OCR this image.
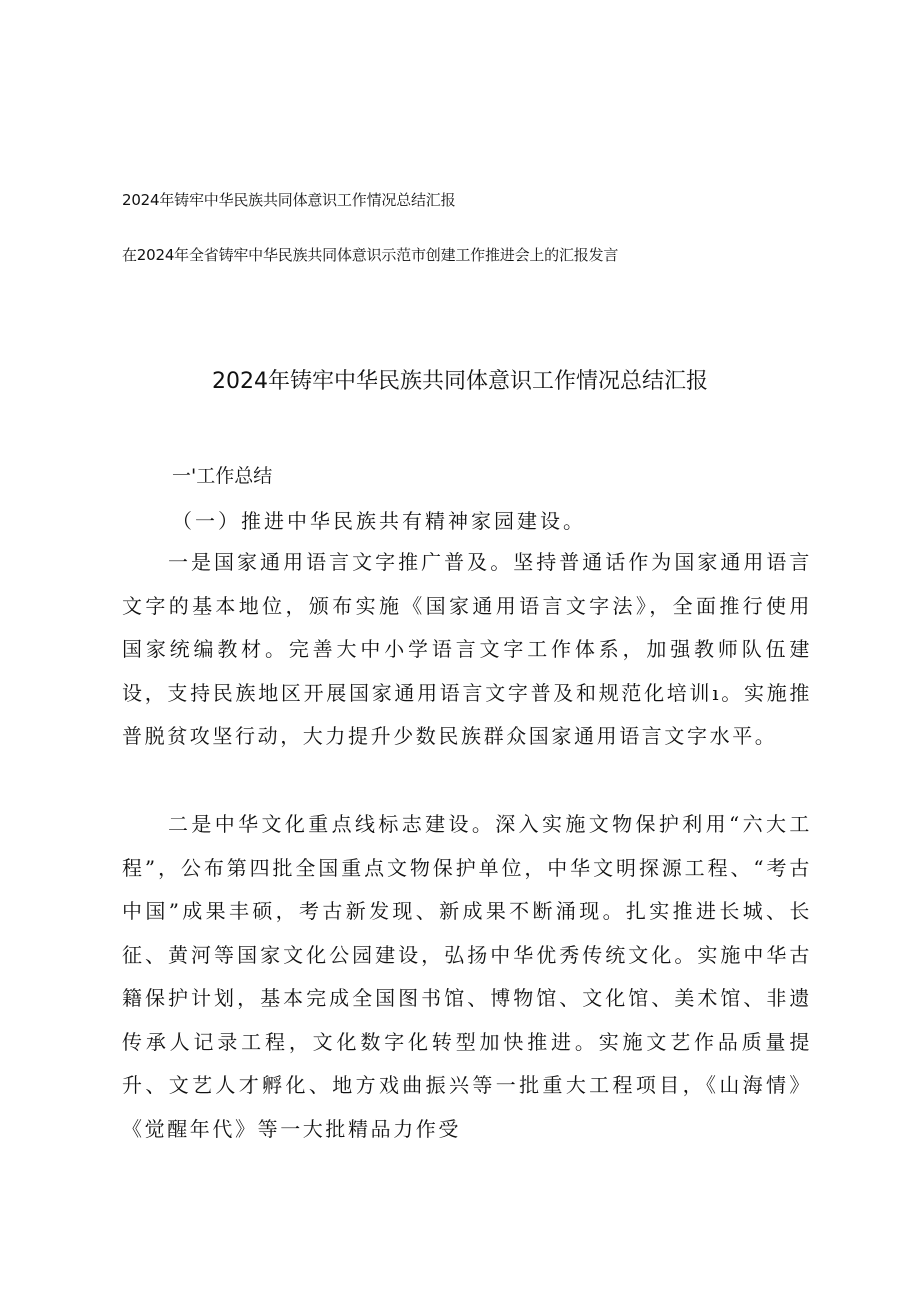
2024年铸牢中华民族共同体意识工作情况总结汇报
在2024年全省铸牢中华民族共同体意识示范市创建工作推进会上的汇报发言
2024年铸牢中华民族共同体意识工作情况总结汇报
一'工作总结
（一）推进中华民族共有精神家园建设。

一是国家通用语言文字推广普及。坚持普通话作为国家通用语言文字的基本地位，颁布实施《国家通用语言文字法》，全面推行使用国家统编教材。完善大中小学语言文字工作体系，加强教师队伍建设，支持民族地区开展国家通用语言文字普及和规范化培训ı。实施推普脱贫攻坚行动，大力提升少数民族群众国家通用语言文字水平。

二是中华文化重点线标志建设。深入实施文物保护利用“六大工程”，公布第四批全国重点文物保护单位，中华文明探源工程、“考古中国”成果丰硕，考古新发现、新成果不断涌现。扎实推进长城、长征、黄河等国家文化公园建设，弘扬中华优秀传统文化。实施中华古籍保护计划，基本完成全国图书馆、博物馆、文化馆、美术馆、非遗传承人记录工程，文化数字化转型加快推进。实施文艺作品质量提升、文艺人才孵化、地方戏曲振兴等一批重大工程项目，《山海情》《觉醒年代》等一大批精品力作受
